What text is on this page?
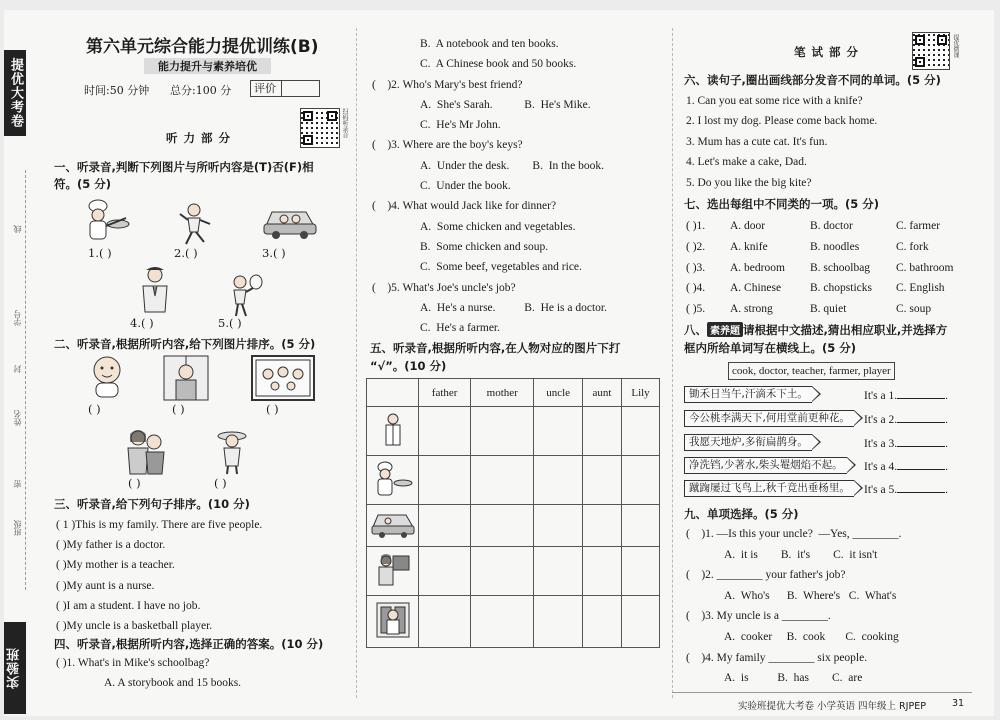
提优大考卷
学号
线
封
姓名
密
班级
实验班
第六单元综合能力提优训练(B)
能力提升与素养培优
时间:50 分钟 总分:100 分	评价
扫码听录音
听 力 部 分
一、听录音,判断下列图片与所听内容是(T)否(F)相
符。(5 分)
1.( )	2.( )	3.( )
4.( )	5.( )
二、听录音,根据所听内容,给下列图片排序。(5 分)
( )	( )	( )
( )	( )
三、听录音,给下列句子排序。(10 分)
( 1 )This is my family. There are five people.
( )My father is a doctor.
( )My mother is a teacher.
( )My aunt is a nurse.
( )I am a student. I have no job.
( )My uncle is a basketball player.
四、听录音,根据所听内容,选择正确的答案。(10 分)
( )1. What's in Mike's schoolbag?
A. A storybook and 15 books.
B.  A notebook and ten books.
C.  A Chinese book and 50 books.
(    )2. Who's Mary's best friend?
A.  She's Sarah.           B.  He's Mike.
C.  He's Mr John.
(    )3. Where are the boy's keys?
A.  Under the desk.        B.  In the book.
C.  Under the book.
(    )4. What would Jack like for dinner?
A.  Some chicken and vegetables.
B.  Some chicken and soup.
C.  Some beef, vegetables and rice.
(    )5. What's Joe's uncle's job?
A.  He's a nurse.          B.  He is a doctor.
C.  He's a farmer.
五、听录音,根据所听内容,在人物对应的图片下打
“√”。(10 分)
	father	mother	uncle	aunt	Lily

笔 试 部 分	提优微课
六、读句子,圈出画线部分发音不同的单词。(5 分)
1. Can you eat some rice with a knife?
2. I lost my dog. Please come back home.
3. Mum has a cute cat. It's fun.
4. Let's make a cake, Dad.
5. Do you like the big kite?
七、选出每组中不同类的一项。(5 分)
( )1. A. door	B. doctor	C. farmer
( )2. A. knife	B. noodles	C. fork
( )3. A. bedroom B. schoolbag C. bathroom
( )4. A. Chinese	B. chopsticks C. English
( )5. A. strong	B. quiet	C. soup
八、 素养题 请根据中文描述,猜出相应职业,并选择方
框内所给单词写在横线上。(5 分)
cook, doctor, teacher, farmer, player
锄禾日当午,汗滴禾下土。	It's a 1.	.
今公桃李满天下,何用堂前更种花。	It's a 2.	.
我愿天地炉,多衔扁鹊身。	It's a 3.	.
净洗铛,少著水,柴头罨烟焰不起。	It's a 4.	.
蹴踘屡过飞鸟上,秋千竞出垂杨里。	It's a 5.	.
九、单项选择。(5 分)
(    )1. —Is this your uncle?  —Yes, ________.
A.  it is        B.  it's        C.  it isn't
(    )2. ________ your father's job?
A.  Who's      B.  Where's   C.  What's
(    )3. My uncle is a ________.
A.  cooker     B.  cook       C.  cooking
(    )4. My family ________ six people.
A.  is          B.  has        C.  are
实验班提优大考卷 小学英语 四年级上 RJPEP	31
